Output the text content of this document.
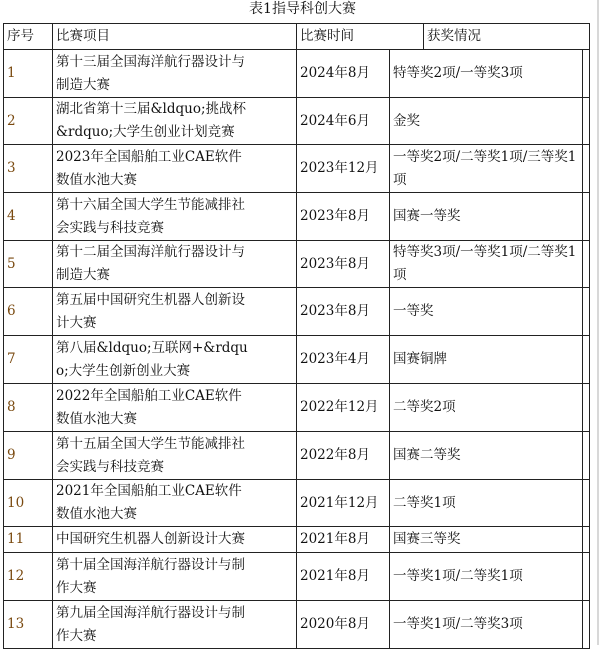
表1指导科创大赛
序号 比赛项目	比赛时间	获奖情况
1
第十三届全国海洋航行器设计与制造大赛
2024年8月 特等奖2项/一等奖3项
2
湖北省第十三届&ldquo;挑战杯&rdquo;大学生创业计划竞赛
2024年6月 金奖
3
2023年全国船舶工业CAE软件数值水池大赛
2023年12月
一等奖2项/二等奖1项/三等奖1项
4
第十六届全国大学生节能减排社会实践与科技竞赛
2023年8月 国赛一等奖
5
第十二届全国海洋航行器设计与制造大赛
2023年8月
特等奖3项/一等奖1项/二等奖1项
6
第五届中国研究生机器人创新设计大赛
2023年8月 一等奖
7
第八届&ldquo;互联网+&rdquo;大学生创新创业大赛
2023年4月 国赛铜牌
8
2022年全国船舶工业CAE软件数值水池大赛
2022年12月 二等奖2项
9
第十五届全国大学生节能减排社会实践与科技竞赛
2022年8月 国赛二等奖
10
2021年全国船舶工业CAE软件数值水池大赛
2021年12月 二等奖1项
11 中国研究生机器人创新设计大赛	2021年8月 国赛三等奖
12
第十届全国海洋航行器设计与制作大赛
2021年8月 一等奖1项/二等奖1项
13
第九届全国海洋航行器设计与制作大赛
2020年8月 一等奖1项/二等奖3项
